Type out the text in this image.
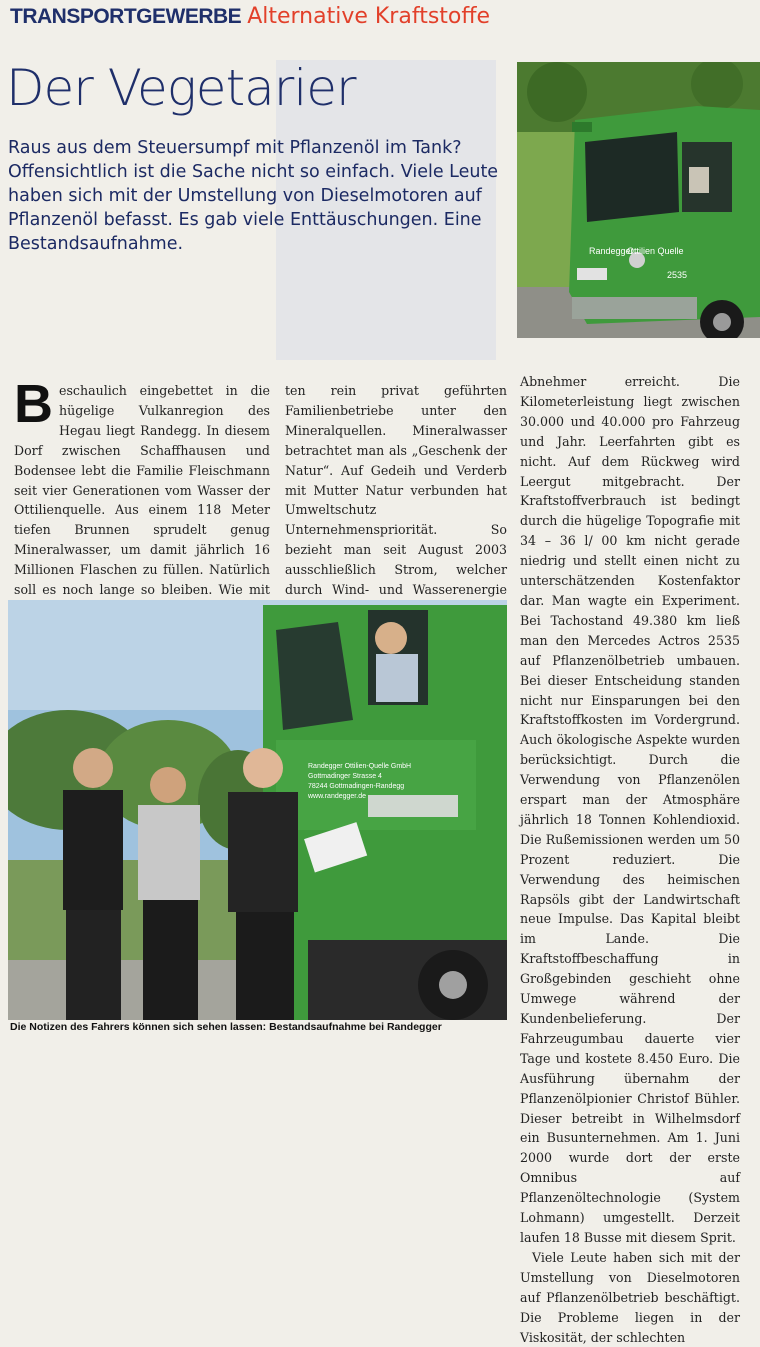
TRANSPORTGEWERBE Alternative Kraftstoffe
Der Vegetarier
Raus aus dem Steuersumpf mit Pflanzenöl im Tank? Offensichtlich ist die Sache nicht so einfach. Viele Leute haben sich mit der Umstellung von Dieselmotoren auf Pflanzenöl befasst. Es gab viele Enttäuschungen. Eine Bestandsaufnahme.	Randegger
Ottilien Quelle
2535
Beschaulich eingebettet in die hügelige Vulkanregion des Hegau liegt Randegg. In diesem Dorf zwischen Schaffhausen und Bodensee lebt die Familie Fleischmann seit vier Generationen vom Wasser der Ottilienquelle. Aus einem 118 Meter tiefen Brunnen sprudelt genug Mineralwasser, um damit jährlich 16 Millionen Flaschen zu füllen. Natürlich soll es noch lange so bleiben. Wie mit

ten rein privat geführten Familienbetriebe unter den Mineralquellen. Mineralwasser betrachtet man als „Geschenk der Natur“. Auf Gedeih und Verderb mit Mutter Natur verbunden hat Umweltschutz Unternehmenspriorität. So bezieht man seit August 2003 ausschließlich Strom, welcher durch Wind- und Wasserenergie

Abnehmer erreicht. Die Kilometerleistung liegt zwischen 30.000 und 40.000 pro Fahrzeug und Jahr. Leerfahrten gibt es nicht. Auf dem Rückweg wird Leergut mitgebracht. Der Kraftstoffverbrauch ist bedingt durch die hügelige Topografie mit 34 – 36 l/ 00 km nicht gerade niedrig und stellt einen nicht zu unterschätzenden Kostenfaktor dar. Man wagte ein Experiment. Bei Tachostand 49.380 km ließ man den Mercedes Actros 2535 auf Pflanzenölbetrieb umbauen. Bei dieser Entscheidung standen nicht nur Einsparungen bei den Kraftstoffkosten im Vordergrund. Auch ökologische Aspekte wurden berücksichtigt. Durch die Verwendung von Pflanzenölen erspart man der Atmosphäre jährlich 18 Tonnen Kohlendioxid. Die Rußemissionen werden um 50 Prozent reduziert. Die Verwendung des heimischen Rapsöls gibt der Landwirtschaft neue Impulse. Das Kapital bleibt im Lande. Die Kraftstoffbeschaffung in Großgebinden geschieht ohne Umwege während der Kundenbelieferung. Der Fahrzeugumbau dauerte vier Tage und kostete 8.450 Euro. Die Ausführung übernahm der Pflanzenölpionier Christof Bühler. Dieser betreibt in Wilhelmsdorf ein Busunternehmen. Am 1. Juni 2000 wurde dort der erste Omnibus auf Pflanzenöltechnologie (System Lohmann) umgestellt. Derzeit laufen 18 Busse mit diesem Sprit.

Viele Leute haben sich mit der Umstellung von Dieselmotoren auf Pflanzenölbetrieb beschäftigt. Die Probleme liegen in der Viskosität, der schlechten

Randegger Ottilien-Quelle GmbH
Gottmadinger Strasse 4
78244 Gottmadingen-Randegg
www.randegger.de
Die Notizen des Fahrers können sich sehen lassen: Bestandsaufnahme bei Randegger
